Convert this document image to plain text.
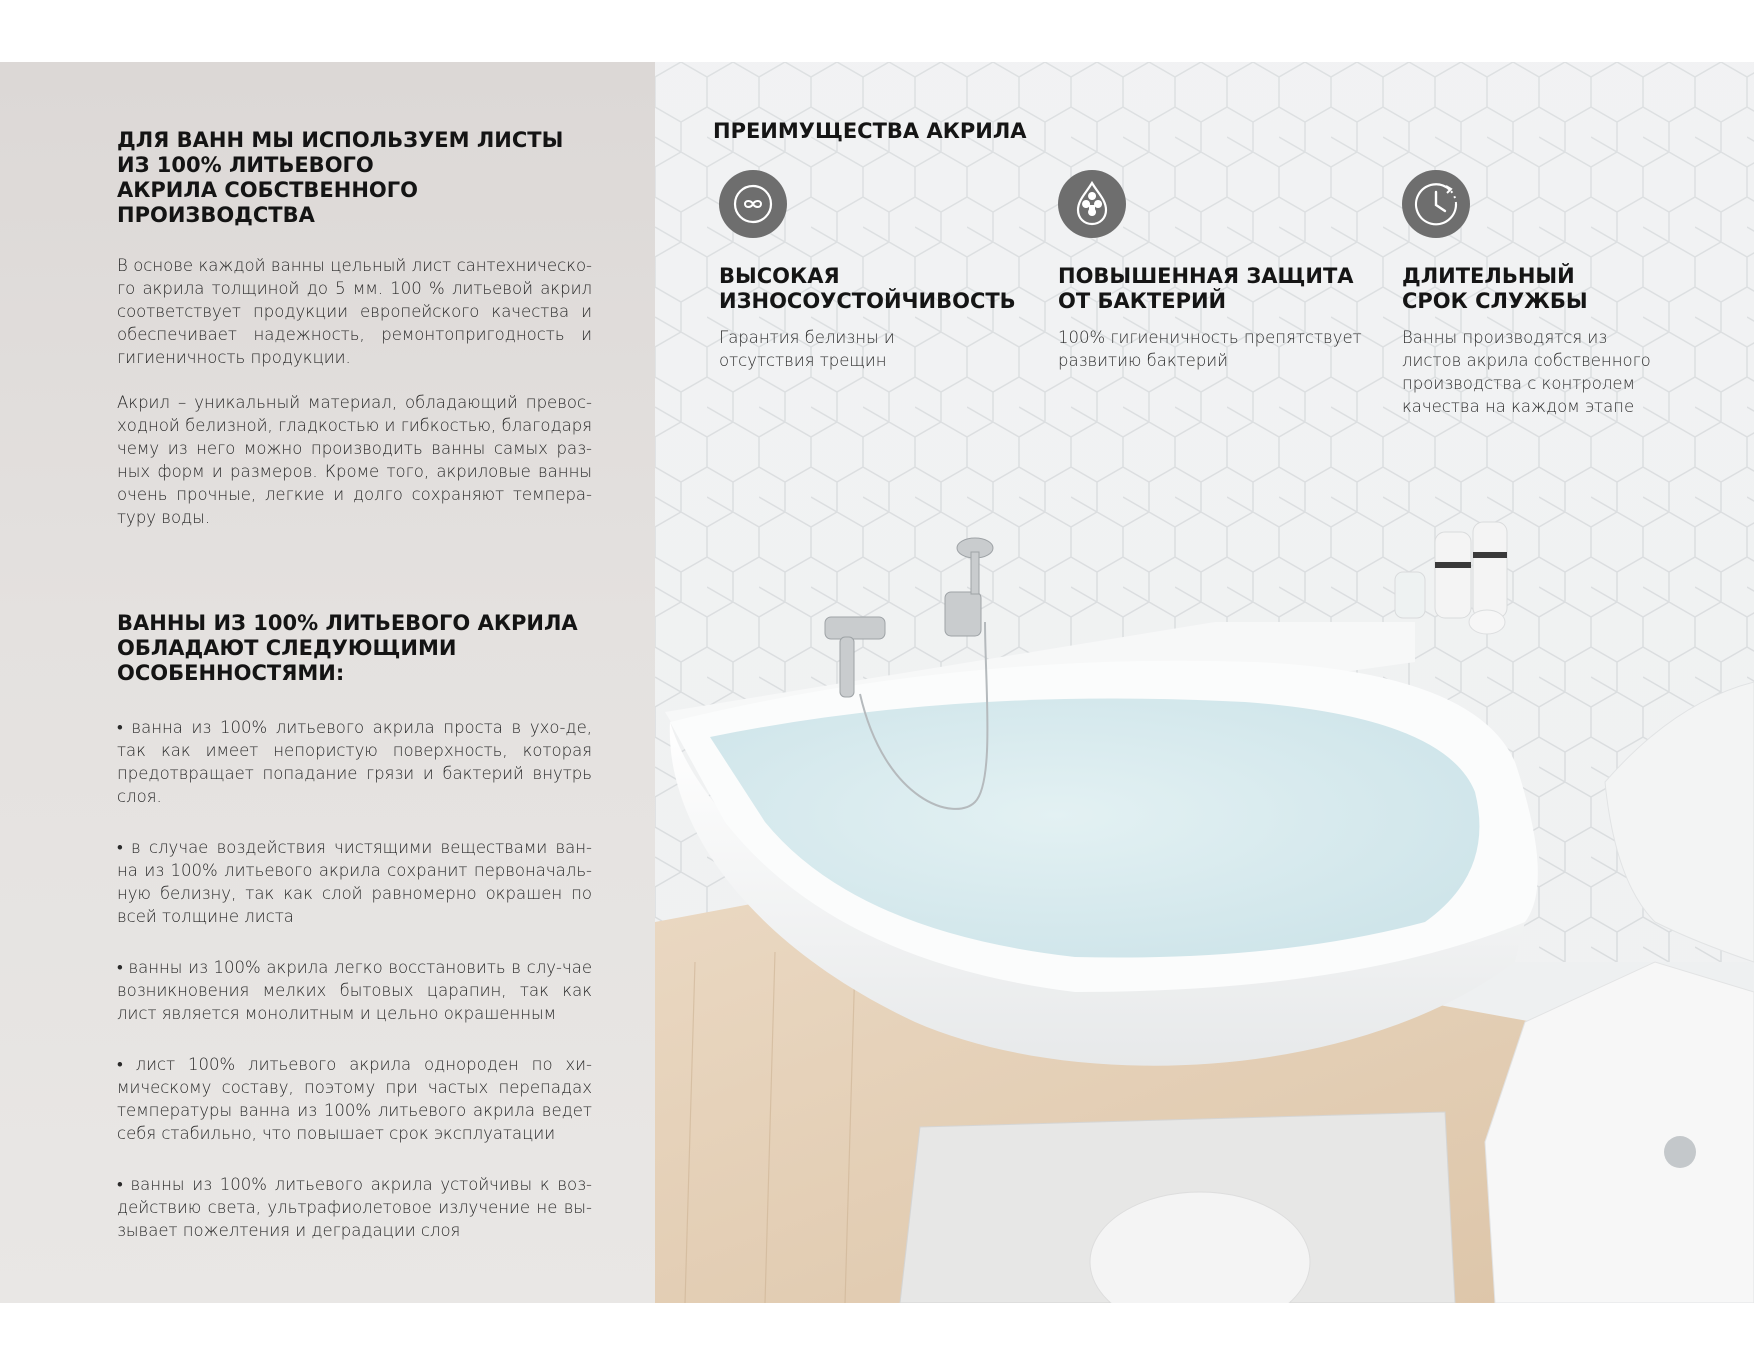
ДЛЯ ВАНН МЫ ИСПОЛЬЗУЕМ ЛИСТЫ
ИЗ 100% ЛИТЬЕВОГО
АКРИЛА СОБСТВЕННОГО ПРОИЗВОДСТВА

В основе каждой ванны цельный лист сантехническо-го акрила толщиной до 5 мм. 100 % литьевой акрил соответствует продукции европейского качества и обеспечивает надежность, ремонтопригодность и гигиеничность продукции.

Акрил – уникальный материал, обладающий превос-ходной белизной, гладкостью и гибкостью, благодаря чему из него можно производить ванны самых раз-ных форм и размеров. Кроме того, акриловые ванны очень прочные, легкие и долго сохраняют темпера-туру воды.

ВАННЫ ИЗ 100% ЛИТЬЕВОГО АКРИЛА
ОБЛАДАЮТ СЛЕДУЮЩИМИ
ОСОБЕННОСТЯМИ:
• ванна из 100% литьевого акрила проста в ухо-де, так как имеет непористую поверхность, которая предотвращает попадание грязи и бактерий внутрь слоя.
• в случае воздействия чистящими веществами ван-на из 100% литьевого акрила сохранит первоначаль-ную белизну, так как слой равномерно окрашен по всей толщине листа
• ванны из 100% акрила легко восстановить в слу-чае возникновения мелких бытовых царапин, так как лист является монолитным и цельно окрашенным
• лист 100% литьевого акрила однороден по хи-мическому составу, поэтому при частых перепадах температуры ванна из 100% литьевого акрила ведет себя стабильно, что повышает срок эксплуатации
• ванны из 100% литьевого акрила устойчивы к воз-действию света, ультрафиолетовое излучение не вы-зывает пожелтения и деградации слоя
ПРЕИМУЩЕСТВА АКРИЛА
ВЫСОКАЯ
ИЗНОСОУСТОЙЧИВОСТЬ

Гарантия белизны и
отсутствия трещин

ПОВЫШЕННАЯ ЗАЩИТА
ОТ БАКТЕРИЙ

100% гигиеничность препятствует
развитию бактерий

ДЛИТЕЛЬНЫЙ
СРОК СЛУЖБЫ

Ванны производятся из
листов акрила собственного
производства с контролем
качества на каждом этапе
